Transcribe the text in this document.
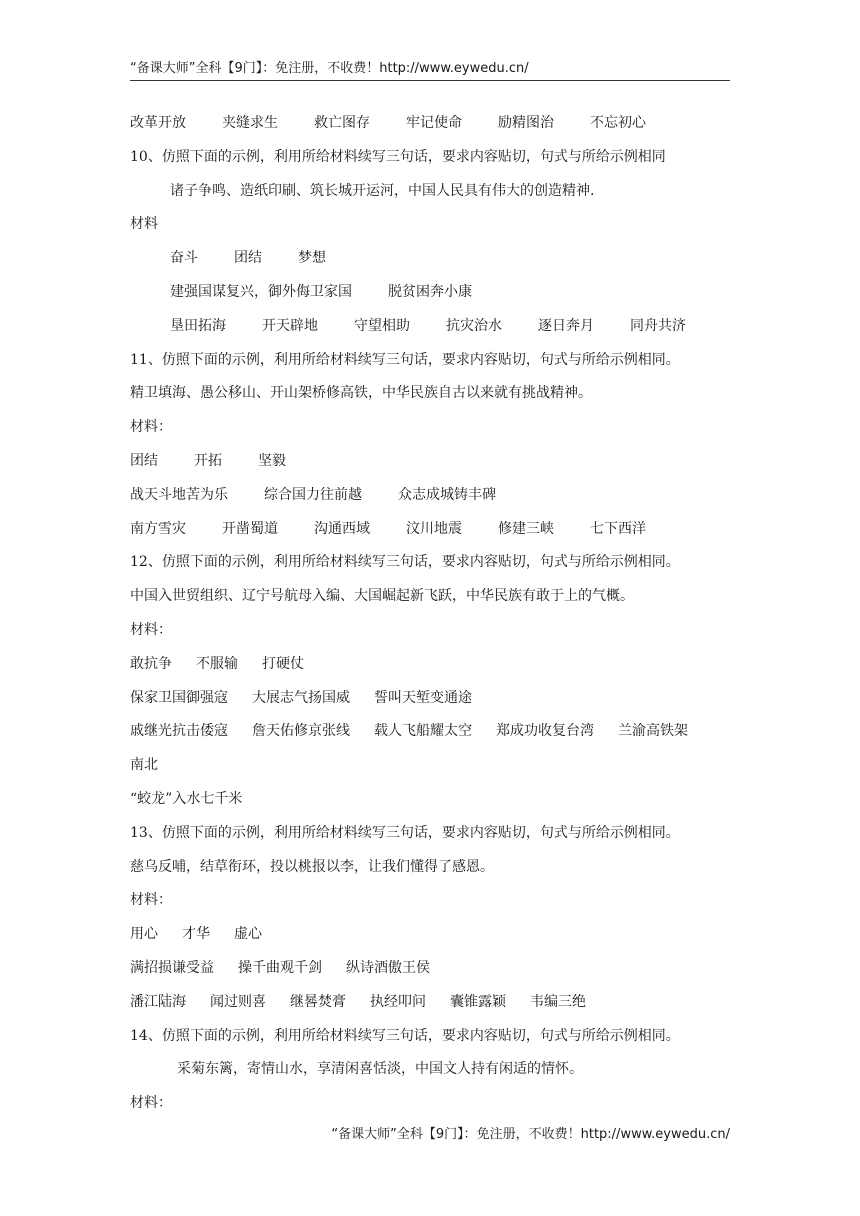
“备课大师”全科【9门】：免注册，不收费！http://www.eywedu.cn/
改革开放	夹缝求生	救亡图存	牢记使命	励精图治	不忘初心
10、仿照下面的示例，利用所给材料续写三句话，要求内容贴切，句式与所给示例相同
诸子争鸣、造纸印刷、筑长城开运河，中国人民具有伟大的创造精神.
材料
奋斗	团结	梦想
建强国谋复兴，御外侮卫家国	脱贫困奔小康
垦田拓海	开天辟地	守望相助	抗灾治水	逐日奔月	同舟共济
11、仿照下面的示例，利用所给材料续写三句话，要求内容贴切，句式与所给示例相同。
精卫填海、愚公移山、开山架桥修高铁，中华民族自古以来就有挑战精神。
材料：
团结	开拓	坚毅
战天斗地苦为乐	综合国力往前越	众志成城铸丰碑
南方雪灾	开凿蜀道	沟通西域	汶川地震	修建三峡	七下西洋
12、仿照下面的示例，利用所给材料续写三句话，要求内容贴切，句式与所给示例相同。
中国入世贸组织、辽宁号航母入编、大国崛起新飞跃，中华民族有敢于上的气概。
材料：
敢抗争 不服输 打硬仗
保家卫国御强寇 大展志气扬国威 誓叫天堑变通途
戚继光抗击倭寇 詹天佑修京张线 载人飞船耀太空 郑成功收复台湾 兰渝高铁架
南北
“蛟龙”入水七千米
13、仿照下面的示例，利用所给材料续写三句话，要求内容贴切，句式与所给示例相同。
慈乌反哺，结草衔环，投以桃报以李，让我们懂得了感恩。
材料：
用心 才华 虚心
满招损谦受益 操千曲观千剑 纵诗酒傲王侯
潘江陆海 闻过则喜 继晷焚膏 执经叩问 囊锥露颖 韦编三绝
14、仿照下面的示例，利用所给材料续写三句话，要求内容贴切，句式与所给示例相同。
采菊东篱，寄情山水，享清闲喜恬淡，中国文人持有闲适的情怀。
材料：
“备课大师”全科【9门】：免注册，不收费！http://www.eywedu.cn/
